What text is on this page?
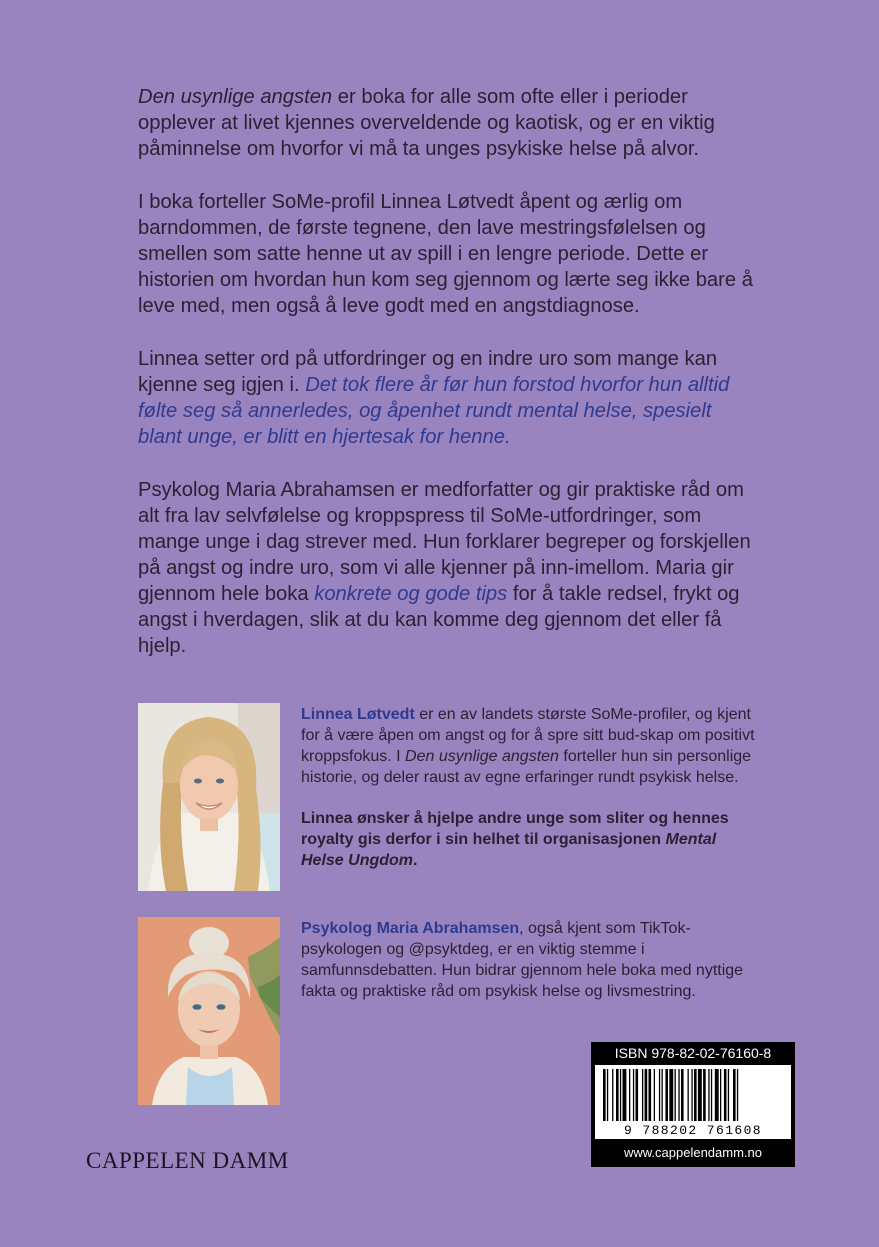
Den usynlige angsten er boka for alle som ofte eller i perioder opplever at livet kjennes overveldende og kaotisk, og er en viktig påminnelse om hvorfor vi må ta unges psykiske helse på alvor.

I boka forteller SoMe-profil Linnea Løtvedt åpent og ærlig om barndommen, de første tegnene, den lave mestringsfølelsen og smellen som satte henne ut av spill i en lengre periode. Dette er historien om hvordan hun kom seg gjennom og lærte seg ikke bare å leve med, men også å leve godt med en angstdiagnose.

Linnea setter ord på utfordringer og en indre uro som mange kan kjenne seg igjen i. Det tok flere år før hun forstod hvorfor hun alltid følte seg så annerledes, og åpenhet rundt mental helse, spesielt blant unge, er blitt en hjertesak for henne.

Psykolog Maria Abrahamsen er medforfatter og gir praktiske råd om alt fra lav selvfølelse og kroppspress til SoMe-utfordringer, som mange unge i dag strever med. Hun forklarer begreper og forskjellen på angst og indre uro, som vi alle kjenner på inn-imellom. Maria gir gjennom hele boka konkrete og gode tips for å takle redsel, frykt og angst i hverdagen, slik at du kan komme deg gjennom det eller få hjelp.

Linnea Løtvedt er en av landets største SoMe-profiler, og kjent for å være åpen om angst og for å spre sitt bud-skap om positivt kroppsfokus. I Den usynlige angsten forteller hun sin personlige historie, og deler raust av egne erfaringer rundt psykisk helse.

Linnea ønsker å hjelpe andre unge som sliter og hennes royalty gis derfor i sin helhet til organisasjonen Mental Helse Ungdom.

Psykolog Maria Abrahamsen, også kjent som TikTok-psykologen og @psyktdeg, er en viktig stemme i samfunnsdebatten. Hun bidrar gjennom hele boka med nyttige fakta og praktiske råd om psykisk helse og livsmestring.

CAPPELEN DAMM
ISBN 978-82-02-76160-8
9 788202 761608
www.cappelendamm.no
